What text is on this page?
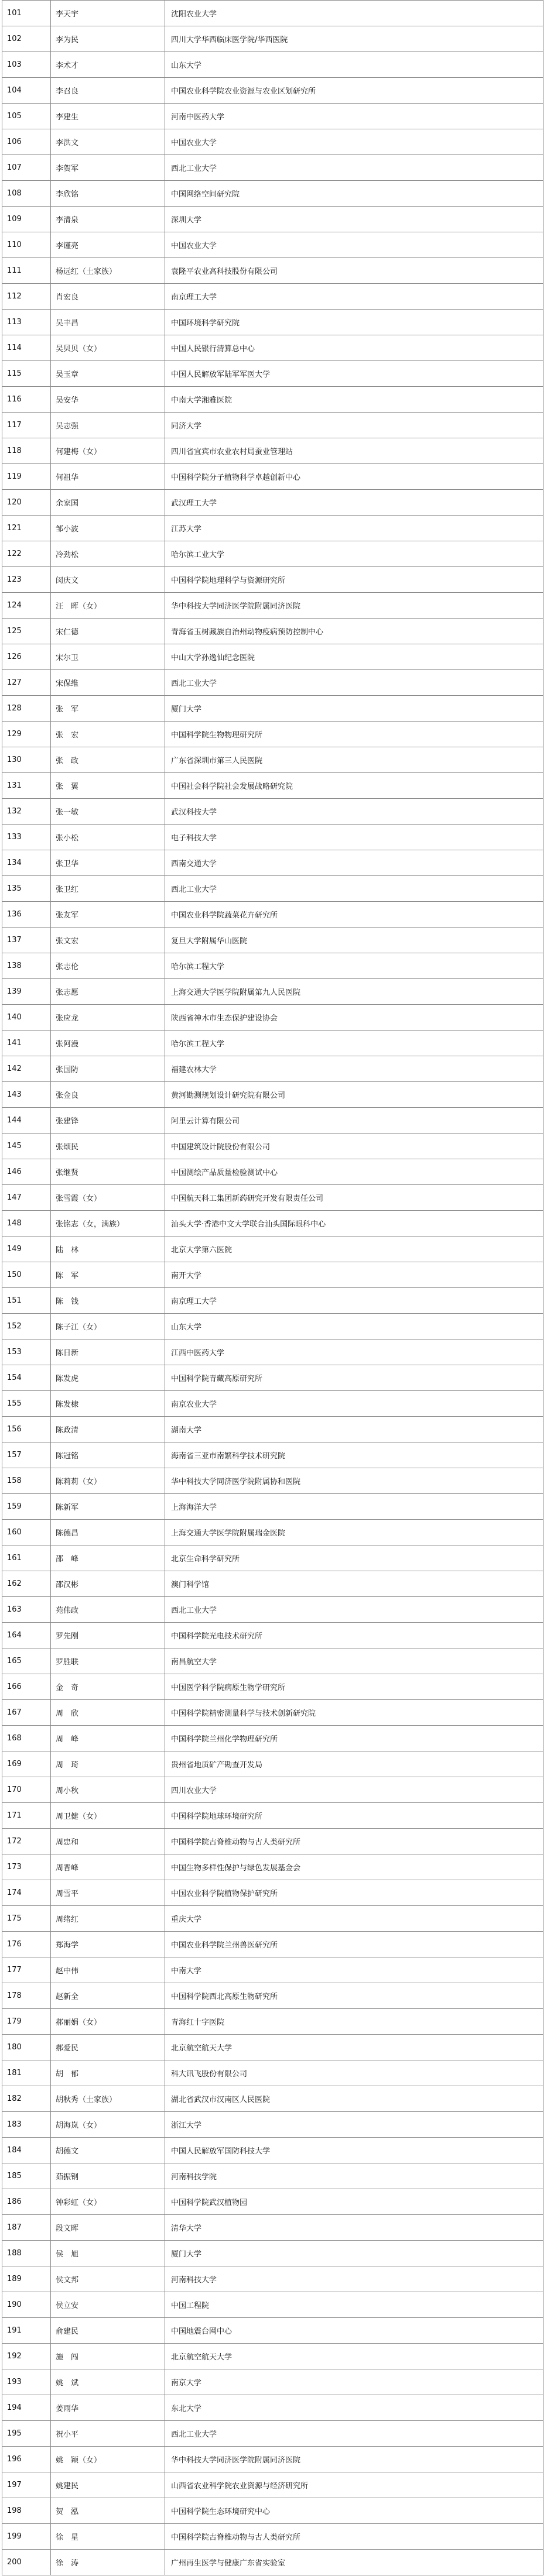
101	李天宇	沈阳农业大学
102	李为民	四川大学华西临床医学院/华西医院
103	李术才	山东大学
104	李召良	中国农业科学院农业资源与农业区划研究所
105	李建生	河南中医药大学
106	李洪文	中国农业大学
107	李贺军	西北工业大学
108	李欣铭	中国网络空间研究院
109	李清泉	深圳大学
110	李谨亮	中国农业大学
111	杨远红（土家族）	袁隆平农业高科技股份有限公司
112	肖宏良	南京理工大学
113	吴丰昌	中国环境科学研究院
114	吴贝贝（女）	中国人民银行清算总中心
115	吴玉章	中国人民解放军陆军军医大学
116	吴安华	中南大学湘雅医院
117	吴志强	同济大学
118	何建梅（女）	四川省宜宾市农业农村局蚕业管理站
119	何祖华	中国科学院分子植物科学卓越创新中心
120	余家国	武汉理工大学
121	邹小波	江苏大学
122	冷劲松	哈尔滨工业大学
123	闵庆文	中国科学院地理科学与资源研究所
124	汪　晖（女）	华中科技大学同济医学院附属同济医院
125	宋仁德	青海省玉树藏族自治州动物疫病预防控制中心
126	宋尔卫	中山大学孙逸仙纪念医院
127	宋保维	西北工业大学
128	张　军	厦门大学
129	张　宏	中国科学院生物物理研究所
130	张　政	广东省深圳市第三人民医院
131	张　翼	中国社会科学院社会发展战略研究院
132	张一敏	武汉科技大学
133	张小松	电子科技大学
134	张卫华	西南交通大学
135	张卫红	西北工业大学
136	张友军	中国农业科学院蔬菜花卉研究所
137	张文宏	复旦大学附属华山医院
138	张志伦	哈尔滨工程大学
139	张志愿	上海交通大学医学院附属第九人民医院
140	张应龙	陕西省神木市生态保护建设协会
141	张阿漫	哈尔滨工程大学
142	张国防	福建农林大学
143	张金良	黄河勘测规划设计研究院有限公司
144	张建锋	阿里云计算有限公司
145	张颂民	中国建筑设计院股份有限公司
146	张继贤	中国测绘产品质量检验测试中心
147	张雪霞（女）	中国航天科工集团新药研究开发有限责任公司
148	张铭志（女，满族）	汕头大学·香港中文大学联合汕头国际眼科中心
149	陆　林	北京大学第六医院
150	陈　军	南开大学
151	陈　钱	南京理工大学
152	陈子江（女）	山东大学
153	陈日新	江西中医药大学
154	陈发虎	中国科学院青藏高原研究所
155	陈发棣	南京农业大学
156	陈政清	湖南大学
157	陈冠铭	海南省三亚市南繁科学技术研究院
158	陈莉莉（女）	华中科技大学同济医学院附属协和医院
159	陈新军	上海海洋大学
160	陈德昌	上海交通大学医学院附属瑞金医院
161	邵　峰	北京生命科学研究所
162	邵汉彬	澳门科学馆
163	苑伟政	西北工业大学
164	罗先刚	中国科学院光电技术研究所
165	罗胜联	南昌航空大学
166	金　奇	中国医学科学院病原生物学研究所
167	周　欣	中国科学院精密测量科学与技术创新研究院
168	周　峰	中国科学院兰州化学物理研究所
169	周　琦	贵州省地质矿产勘查开发局
170	周小秋	四川农业大学
171	周卫健（女）	中国科学院地球环境研究所
172	周忠和	中国科学院古脊椎动物与古人类研究所
173	周晋峰	中国生物多样性保护与绿色发展基金会
174	周雪平	中国农业科学院植物保护研究所
175	周绪红	重庆大学
176	郑海学	中国农业科学院兰州兽医研究所
177	赵中伟	中南大学
178	赵新全	中国科学院西北高原生物研究所
179	郝丽娟（女）	青海红十字医院
180	郝爱民	北京航空航天大学
181	胡　郁	科大讯飞股份有限公司
182	胡秋秀（土家族）	湖北省武汉市汉南区人民医院
183	胡海岚（女）	浙江大学
184	胡德文	中国人民解放军国防科技大学
185	茹振钢	河南科技学院
186	钟彩虹（女）	中国科学院武汉植物园
187	段文晖	清华大学
188	侯　旭	厦门大学
189	侯文邦	河南科技大学
190	侯立安	中国工程院
191	俞建民	中国地震台网中心
192	施　闯	北京航空航天大学
193	姚　斌	南京大学
194	姜雨华	东北大学
195	祝小平	西北工业大学
196	姚　颖（女）	华中科技大学同济医学院附属同济医院
197	姚建民	山西省农业科学院农业资源与经济研究所
198	贺　泓	中国科学院生态环境研究中心
199	徐　星	中国科学院古脊椎动物与古人类研究所
200	徐　涛	广州再生医学与健康广东省实验室
